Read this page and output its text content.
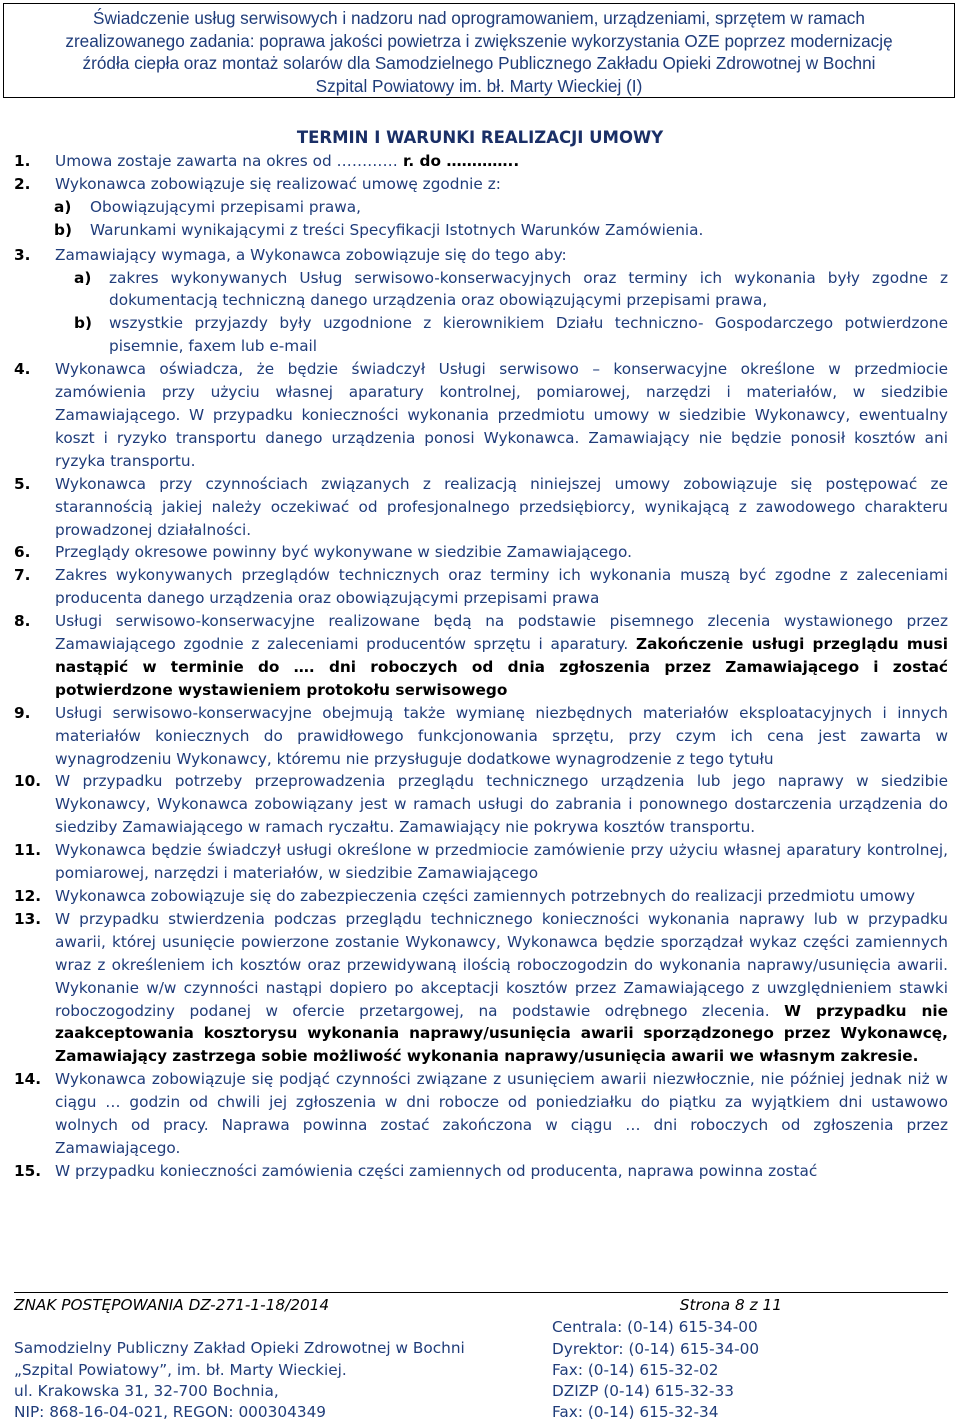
Świadczenie usług serwisowych i nadzoru nad oprogramowaniem, urządzeniami, sprzętem w ramach
zrealizowanego zadania: poprawa jakości powietrza i zwiększenie wykorzystania OZE poprzez modernizację
źródła ciepła oraz montaż solarów dla Samodzielnego Publicznego Zakładu Opieki Zdrowotnej w Bochni
Szpital Powiatowy im. bł. Marty Wieckiej (I)
TERMIN I WARUNKI REALIZACJI UMOWY
1.	Umowa zostaje zawarta na okres od ………… r. do …………..
2.	Wykonawca zobowiązuje się realizować umowę zgodnie z:
a) Obowiązującymi przepisami prawa,
b) Warunkami wynikającymi z treści Specyfikacji Istotnych Warunków Zamówienia.
3.	Zamawiający wymaga, a Wykonawca zobowiązuje się do tego aby:
a) zakres wykonywanych Usług serwisowo-konserwacyjnych oraz terminy ich wykonania były zgodne z dokumentacją techniczną danego urządzenia oraz obowiązującymi przepisami prawa,
b) wszystkie przyjazdy były uzgodnione z kierownikiem Działu techniczno- Gospodarczego potwierdzone pisemnie, faxem lub e-mail
4.	Wykonawca oświadcza, że będzie świadczył Usługi serwisowo – konserwacyjne określone w przedmiocie zamówienia przy użyciu własnej aparatury kontrolnej, pomiarowej, narzędzi i materiałów, w siedzibie Zamawiającego. W przypadku konieczności wykonania przedmiotu umowy w siedzibie Wykonawcy, ewentualny koszt i ryzyko transportu danego urządzenia ponosi Wykonawca. Zamawiający nie będzie ponosił kosztów ani ryzyka transportu.
5.	Wykonawca przy czynnościach związanych z realizacją niniejszej umowy zobowiązuje się postępować ze starannością jakiej należy oczekiwać od profesjonalnego przedsiębiorcy, wynikającą z zawodowego charakteru prowadzonej działalności.
6.	Przeglądy okresowe powinny być wykonywane w siedzibie Zamawiającego.
7.	Zakres wykonywanych przeglądów technicznych oraz terminy ich wykonania muszą być zgodne z zaleceniami producenta danego urządzenia oraz obowiązującymi przepisami prawa
8.	Usługi serwisowo-konserwacyjne realizowane będą na podstawie pisemnego zlecenia wystawionego przez Zamawiającego zgodnie z zaleceniami producentów sprzętu i aparatury. Zakończenie usługi przeglądu musi nastąpić w terminie do …. dni roboczych od dnia zgłoszenia przez Zamawiającego i zostać potwierdzone wystawieniem protokołu serwisowego
9.	Usługi serwisowo-konserwacyjne obejmują także wymianę niezbędnych materiałów eksploatacyjnych i innych materiałów koniecznych do prawidłowego funkcjonowania sprzętu, przy czym ich cena jest zawarta w wynagrodzeniu Wykonawcy, któremu nie przysługuje dodatkowe wynagrodzenie z tego tytułu
10. W przypadku potrzeby przeprowadzenia przeglądu technicznego urządzenia lub jego naprawy w siedzibie Wykonawcy, Wykonawca zobowiązany jest w ramach usługi do zabrania i ponownego dostarczenia urządzenia do siedziby Zamawiającego w ramach ryczałtu. Zamawiający nie pokrywa kosztów transportu.
11. Wykonawca będzie świadczył usługi określone w przedmiocie zamówienie przy użyciu własnej aparatury kontrolnej, pomiarowej, narzędzi i materiałów, w siedzibie Zamawiającego
12. Wykonawca zobowiązuje się do zabezpieczenia części zamiennych potrzebnych do realizacji przedmiotu umowy
13. W przypadku stwierdzenia podczas przeglądu technicznego konieczności wykonania naprawy lub w przypadku awarii, której usunięcie powierzone zostanie Wykonawcy, Wykonawca będzie sporządzał wykaz części zamiennych wraz z określeniem ich kosztów oraz przewidywaną ilością roboczogodzin do wykonania naprawy/usunięcia awarii. Wykonanie w/w czynności nastąpi dopiero po akceptacji kosztów przez Zamawiającego z uwzględnieniem stawki roboczogodziny podanej w ofercie przetargowej, na podstawie odrębnego zlecenia. W przypadku nie zaakceptowania kosztorysu wykonania naprawy/usunięcia awarii sporządzonego przez Wykonawcę, Zamawiający zastrzega sobie możliwość wykonania naprawy/usunięcia awarii we własnym zakresie.
14. Wykonawca zobowiązuje się podjąć czynności związane z usunięciem awarii niezwłocznie, nie później jednak niż w ciągu … godzin od chwili jej zgłoszenia w dni robocze od poniedziałku do piątku za wyjątkiem dni ustawowo wolnych od pracy. Naprawa powinna zostać zakończona w ciągu … dni roboczych od zgłoszenia przez Zamawiającego.
15. W przypadku konieczności zamówienia części zamiennych od producenta, naprawa powinna zostać
ZNAK POSTĘPOWANIA DZ-271-1-18/2014	Strona 8 z 11
Samodzielny Publiczny Zakład Opieki Zdrowotnej w Bochni
„Szpital Powiatowy”, im. bł. Marty Wieckiej.
ul. Krakowska 31, 32-700 Bochnia,
NIP: 868-16-04-021, REGON: 000304349
Centrala: (0-14) 615-34-00
Dyrektor: (0-14) 615-34-00
Fax: (0-14) 615-32-02
DZIZP (0-14) 615-32-33
Fax: (0-14) 615-32-34
